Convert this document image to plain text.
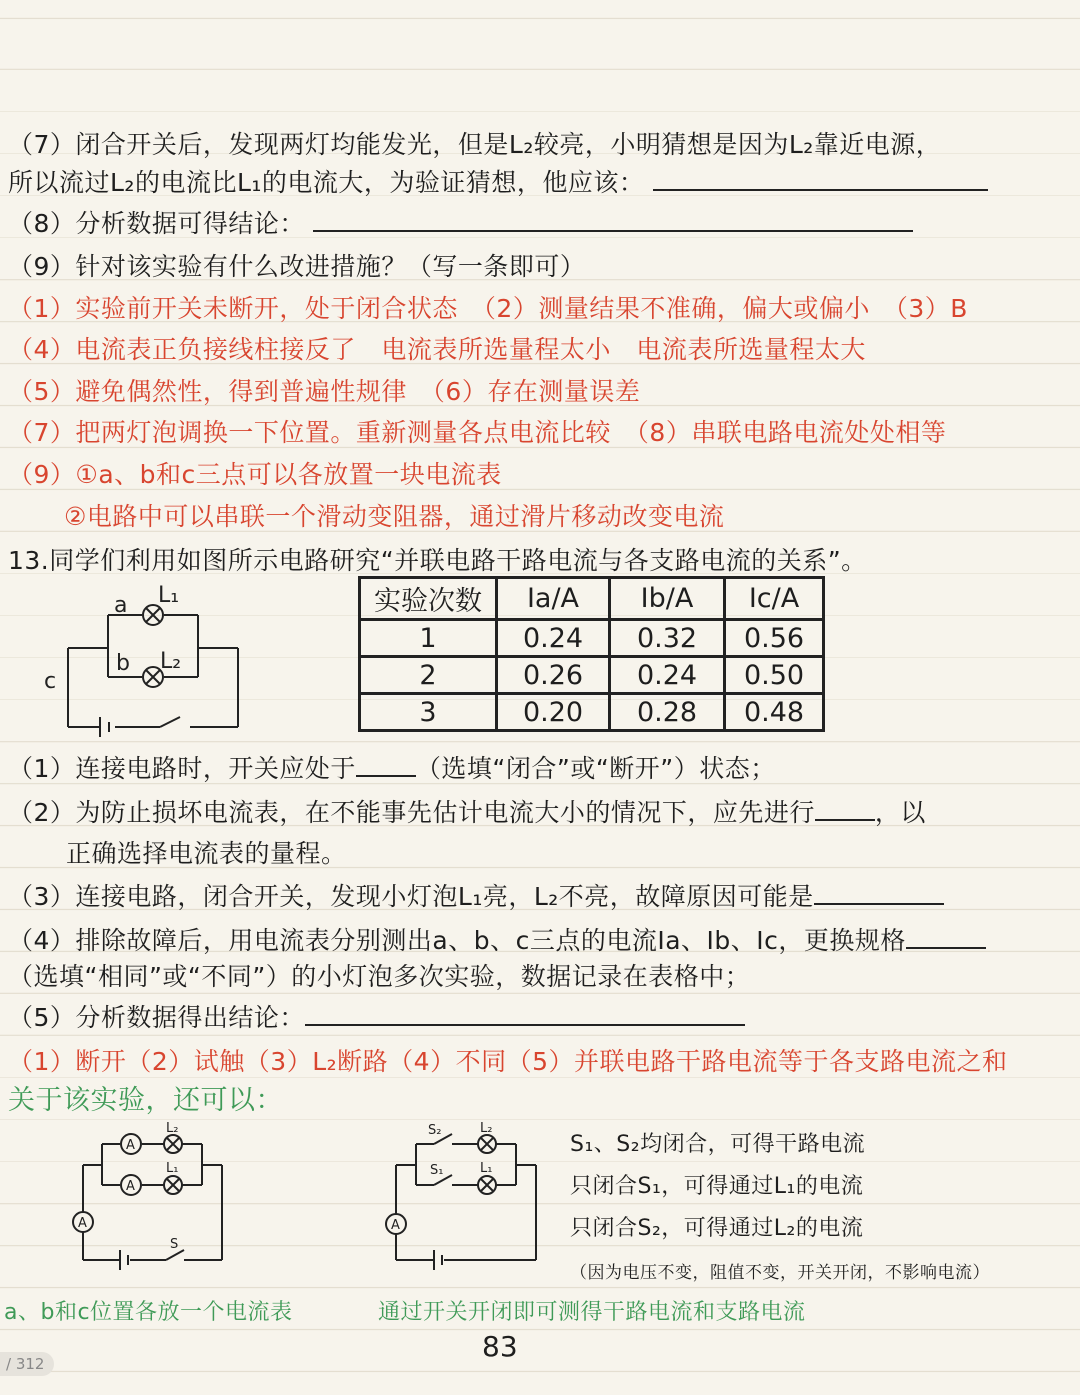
（7）闭合开关后，发现两灯均能发光，但是L₂较亮，小明猜想是因为L₂靠近电源，
所以流过L₂的电流比L₁的电流大，为验证猜想，他应该：
（8）分析数据可得结论：
（9）针对该实验有什么改进措施？（写一条即可）
（1）实验前开关未断开，处于闭合状态　（2）测量结果不准确，偏大或偏小　（3）B
（4）电流表正负接线柱接反了　电流表所选量程太小　电流表所选量程太大
（5）避免偶然性，得到普遍性规律　（6）存在测量误差
（7）把两灯泡调换一下位置。重新测量各点电流比较　（8）串联电路电流处处相等
（9）①a、b和c三点可以各放置一块电流表
②电路中可以串联一个滑动变阻器，通过滑片移动改变电流
13.同学们利用如图所示电路研究“并联电路干路电流与各支路电流的关系”。
a L₁
b L₂
c
实验次数	Ia/A	Ib/A	Ic/A
1	0.24	0.32	0.56
2	0.26	0.24	0.50
3	0.20	0.28	0.48
（1）连接电路时，开关应处于 （选填“闭合”或“断开”）状态；
（2）为防止损坏电流表，在不能事先估计电流大小的情况下，应先进行 ，以
正确选择电流表的量程。
（3）连接电路，闭合开关，发现小灯泡L₁亮，L₂不亮，故障原因可能是
（4）排除故障后，用电流表分别测出a、b、c三点的电流Ia、Ib、Ic，更换规格
（选填“相同”或“不同”）的小灯泡多次实验，数据记录在表格中；
（5）分析数据得出结论：
（1）断开（2）试触（3）L₂断路（4）不同（5）并联电路干路电流等于各支路电流之和
关于该实验，还可以：
A
A
A
L₂
L₁
S
A
S₂
S₁
L₂
L₁
S₁、S₂均闭合，可得干路电流
只闭合S₁，可得通过L₁的电流
只闭合S₂，可得通过L₂的电流
（因为电压不变，阻值不变，开关开闭，不影响电流）
a、b和c位置各放一个电流表	通过开关开闭即可测得干路电流和支路电流
83
/ 312
